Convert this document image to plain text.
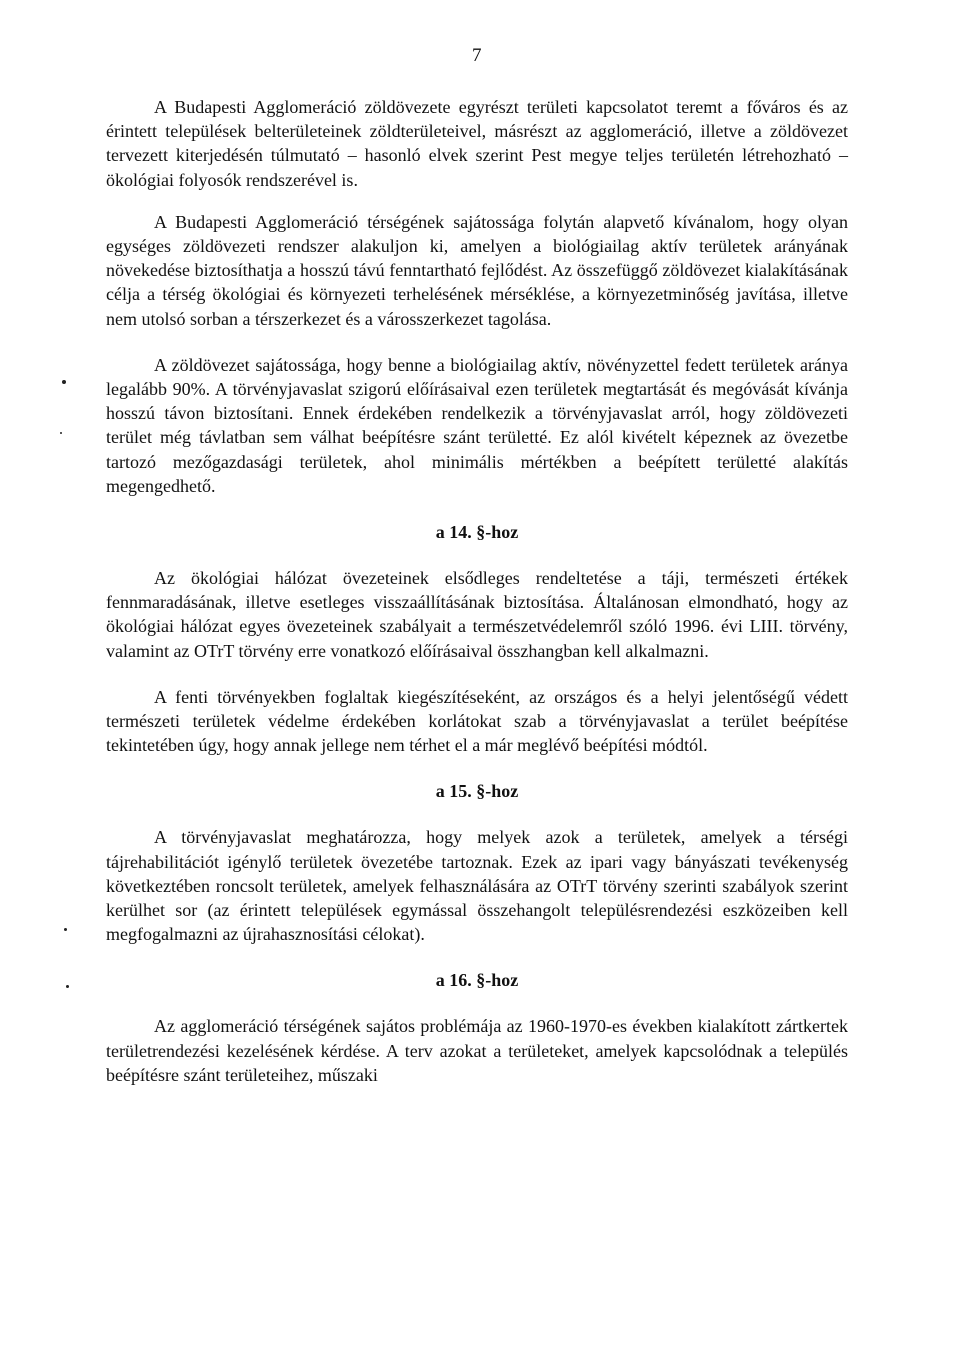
7

A Budapesti Agglomeráció zöldövezete egyrészt területi kapcsolatot teremt a főváros és az érintett települések belterületeinek zöldterületeivel, másrészt az agglomeráció, illetve a zöldövezet tervezett kiterjedésén túlmutató – hasonló elvek szerint Pest megye teljes területén létrehozható – ökológiai folyosók rendszerével is.

A Budapesti Agglomeráció térségének sajátossága folytán alapvető kívánalom, hogy olyan egységes zöldövezeti rendszer alakuljon ki, amelyen a biológiailag aktív területek arányának növekedése biztosíthatja a hosszú távú fenntartható fejlődést. Az összefüggő zöldövezet kialakításának célja a térség ökológiai és környezeti terhelésének mérséklése, a környezetminőség javítása, illetve nem utolsó sorban a térszerkezet és a városszerkezet tagolása.

A zöldövezet sajátossága, hogy benne a biológiailag aktív, növényzettel fedett területek aránya legalább 90%. A törvényjavaslat szigorú előírásaival ezen területek megtartását és megóvását kívánja hosszú távon biztosítani. Ennek érdekében rendelkezik a törvényjavaslat arról, hogy zöldövezeti terület még távlatban sem válhat beépítésre szánt területté. Ez alól kivételt képeznek az övezetbe tartozó mezőgazdasági területek, ahol minimális mértékben a beépített területté alakítás megengedhető.

a 14. §-hoz

Az ökológiai hálózat övezeteinek elsődleges rendeltetése a táji, természeti értékek fennmaradásának, illetve esetleges visszaállításának biztosítása. Általánosan elmondható, hogy az ökológiai hálózat egyes övezeteinek szabályait a természetvédelemről szóló 1996. évi LIII. törvény, valamint az OTrT törvény erre vonatkozó előírásaival összhangban kell alkalmazni.

A fenti törvényekben foglaltak kiegészítéseként, az országos és a helyi jelentőségű védett természeti területek védelme érdekében korlátokat szab a törvényjavaslat a terület beépítése tekintetében úgy, hogy annak jellege nem térhet el a már meglévő beépítési módtól.

a 15. §-hoz

A törvényjavaslat meghatározza, hogy melyek azok a területek, amelyek a térségi tájrehabilitációt igénylő területek övezetébe tartoznak. Ezek az ipari vagy bányászati tevékenység következtében roncsolt területek, amelyek felhasználására az OTrT törvény szerinti szabályok szerint kerülhet sor (az érintett települések egymással összehangolt településrendezési eszközeiben kell megfogalmazni az újrahasznosítási célokat).

a 16. §-hoz

Az agglomeráció térségének sajátos problémája az 1960-1970-es években kialakított zártkertek területrendezési kezelésének kérdése. A terv azokat a területeket, amelyek kapcsolódnak a település beépítésre szánt területeihez, műszaki
